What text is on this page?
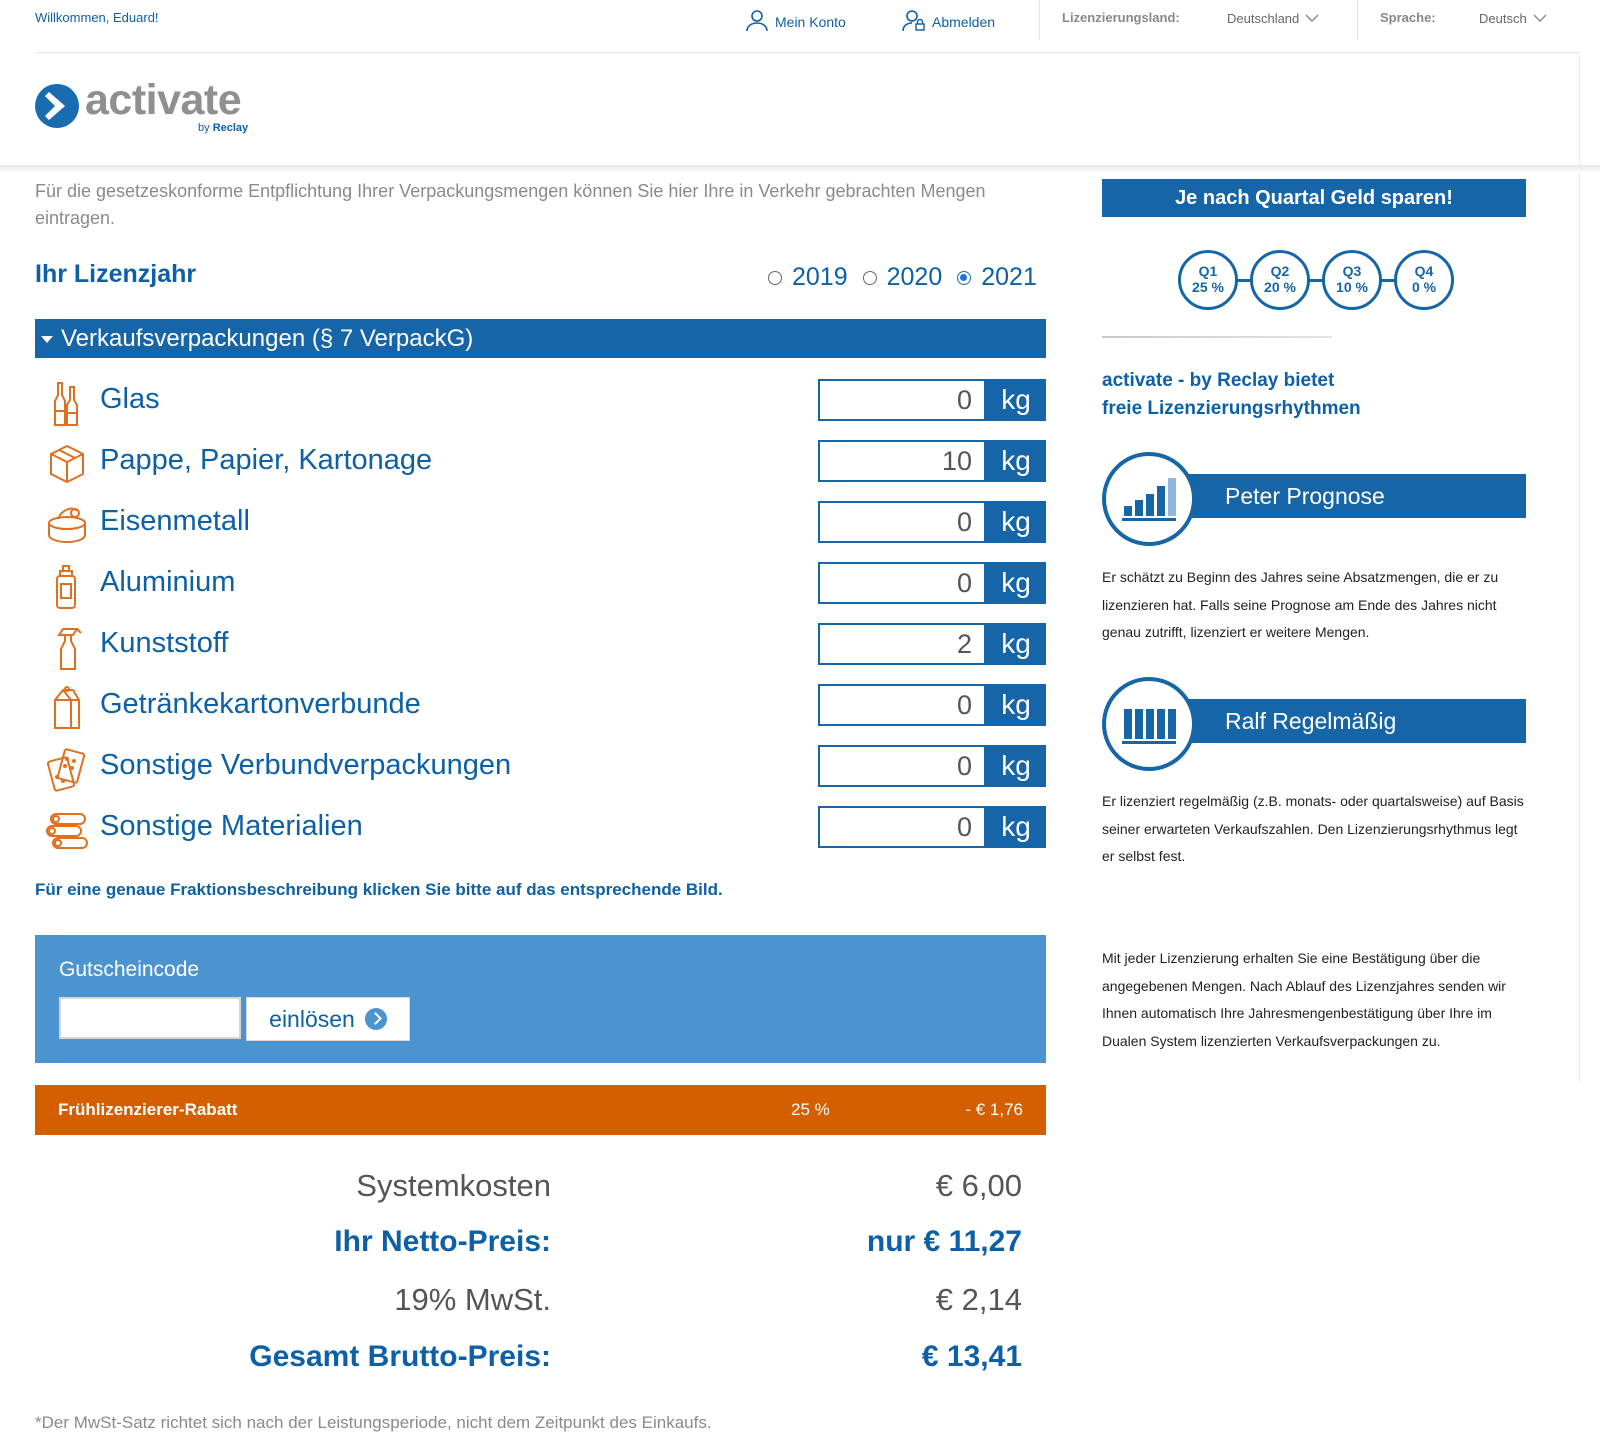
Willkommen, Eduard!	Mein Konto	Abmelden	Lizenzierungsland:	Deutschland	Sprache:	Deutsch
activate
by Reclay

Für die gesetzeskonforme Entpflichtung Ihrer Verpackungsmengen können Sie hier Ihre in Verkehr gebrachten Mengen eintragen.

Ihr Lizenzjahr	2019 2020 2021
Verkaufsverpackungen (§ 7 VerpackG)
Glas	0	kg
Pappe, Papier, Kartonage	10	kg
Eisenmetall	0	kg
Aluminium	0	kg
Kunststoff	2	kg
Getränkekartonverbunde	0	kg
Sonstige Verbundverpackungen	0	kg
Sonstige Materialien	0	kg

Für eine genaue Fraktionsbeschreibung klicken Sie bitte auf das entsprechende Bild.

Gutscheincode
einlösen
Frühlizenzierer-Rabatt	25 %	- € 1,76
Systemkosten	€ 6,00
Ihr Netto-Preis:	nur € 11,27
19% MwSt.	€ 2,14
Gesamt Brutto-Preis:	€ 13,41

*Der MwSt-Satz richtet sich nach der Leistungsperiode, nicht dem Zeitpunkt des Einkaufs.

Je nach Quartal Geld sparen!
Q1
25 %
Q2
20 %
Q3
10 %
Q4
0 %
activate - by Reclay bietet
freie Lizenzierungsrhythmen
Peter Prognose

Er schätzt zu Beginn des Jahres seine Absatzmengen, die er zu lizenzieren hat. Falls seine Prognose am Ende des Jahres nicht genau zutrifft, lizenziert er weitere Mengen.

Ralf Regelmäßig

Er lizenziert regelmäßig (z.B. monats- oder quartalsweise) auf Basis seiner erwarteten Verkaufszahlen. Den Lizenzierungsrhythmus legt er selbst fest.

Mit jeder Lizenzierung erhalten Sie eine Bestätigung über die angegebenen Mengen. Nach Ablauf des Lizenzjahres senden wir Ihnen automatisch Ihre Jahresmengenbestätigung über Ihre im Dualen System lizenzierten Verkaufsverpackungen zu.
